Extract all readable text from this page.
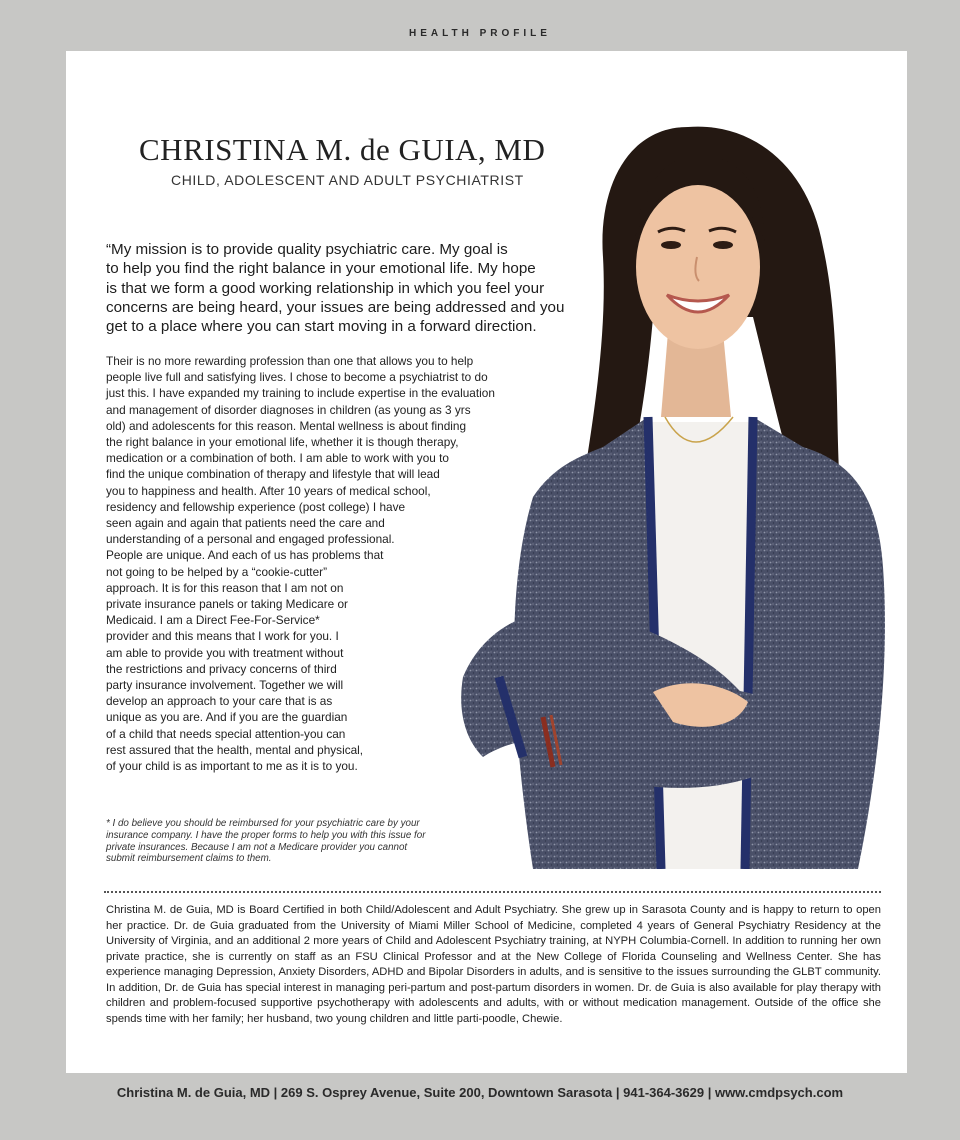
HEALTH PROFILE
CHRISTINA M. de GUIA, MD
CHILD, ADOLESCENT AND ADULT PSYCHIATRIST

“My mission is to provide quality psychiatric care. My goal is
to help you find the right balance in your emotional life. My hope
is that we form a good working relationship in which you feel your
concerns are being heard, your issues are being addressed and you
get to a place where you can start moving in a forward direction.

Their is no more rewarding profession than one that allows you to help
people live full and satisfying lives. I chose to become a psychiatrist to do
just this. I have expanded my training to include expertise in the evaluation
and management of disorder diagnoses in children (as young as 3 yrs
old) and adolescents for this reason. Mental wellness is about finding
the right balance in your emotional life, whether it is though therapy,
medication or a combination of both. I am able to work with you to
find the unique combination of therapy and lifestyle that will lead
you to happiness and health. After 10 years of medical school,
residency and fellowship experience (post college) I have
seen again and again that patients need the care and
understanding of a personal and engaged professional.
People are unique. And each of us has problems that
not going to be helped by a “cookie-cutter”
approach. It is for this reason that I am not on
private insurance panels or taking Medicare or
Medicaid. I am a Direct Fee-For-Service*
provider and this means that I work for you. I
am able to provide you with treatment without
the restrictions and privacy concerns of third
party insurance involvement. Together we will
develop an approach to your care that is as
unique as you are. And if you are the guardian
of a child that needs special attention-you can
rest assured that the health, mental and physical,
of your child is as important to me as it is to you.

* I do believe you should be reimbursed for your psychiatric care by your
insurance company. I have the proper forms to help you with this issue for
private insurances. Because I am not a Medicare provider you cannot
submit reimbursement claims to them.

Christina M. de Guia, MD is Board Certified in both Child/Adolescent and Adult Psychiatry. She grew up in Sarasota County and is happy to return to open her practice. Dr. de Guia graduated from the University of Miami Miller School of Medicine, completed 4 years of General Psychiatry Residency at the University of Virginia, and an additional 2 more years of Child and Adolescent Psychiatry training, at NYPH Columbia-Cornell. In addition to running her own private practice, she is currently on staff as an FSU Clinical Professor and at the New College of Florida Counseling and Wellness Center. She has experience managing Depression, Anxiety Disorders, ADHD and Bipolar Disorders in adults, and is sensitive to the issues surrounding the GLBT community. In addition, Dr. de Guia has special interest in managing peri-partum and post-partum disorders in women. Dr. de Guia is also available for play therapy with children and problem-focused supportive psychotherapy with adolescents and adults, with or without medication management. Outside of the office she spends time with her family; her husband, two young children and little parti-poodle, Chewie.

Christina M. de Guia, MD | 269 S. Osprey Avenue, Suite 200, Downtown Sarasota | 941-364-3629 | www.cmdpsych.com
